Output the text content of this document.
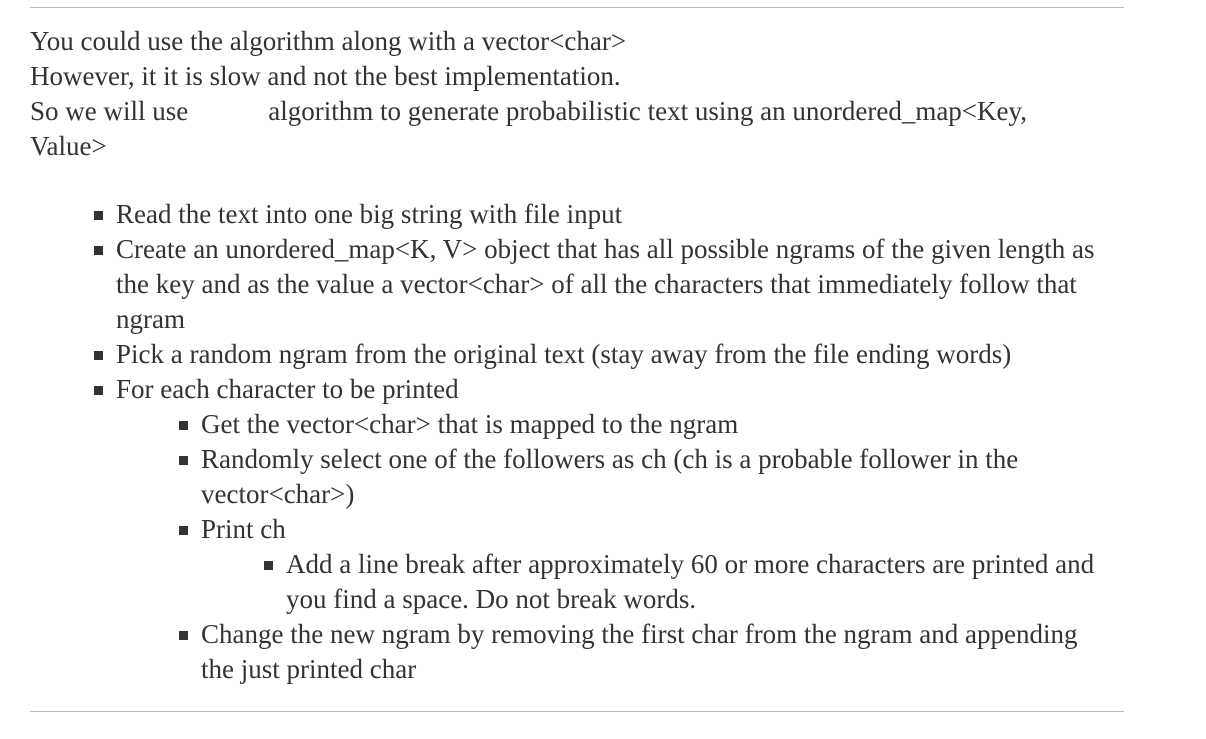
You could use the algorithm along with a vector<char>

However, it it is slow and not the best implementation.

So we will use	algorithm to generate probabilistic text using an unordered_map<Key,

Value>

Read the text into one big string with file input
Create an unordered_map<K, V> object that has all possible ngrams of the given length as the key and as the value a vector<char> of all the characters that immediately follow that ngram
Pick a random ngram from the original text (stay away from the file ending words)
For each character to be printed
Get the vector<char> that is mapped to the ngram
Randomly select one of the followers as ch (ch is a probable follower in the vector<char>)
Print ch
Add a line break after approximately 60 or more characters are printed and you find a space. Do not break words.
Change the new ngram by removing the first char from the ngram and appending the just printed char
